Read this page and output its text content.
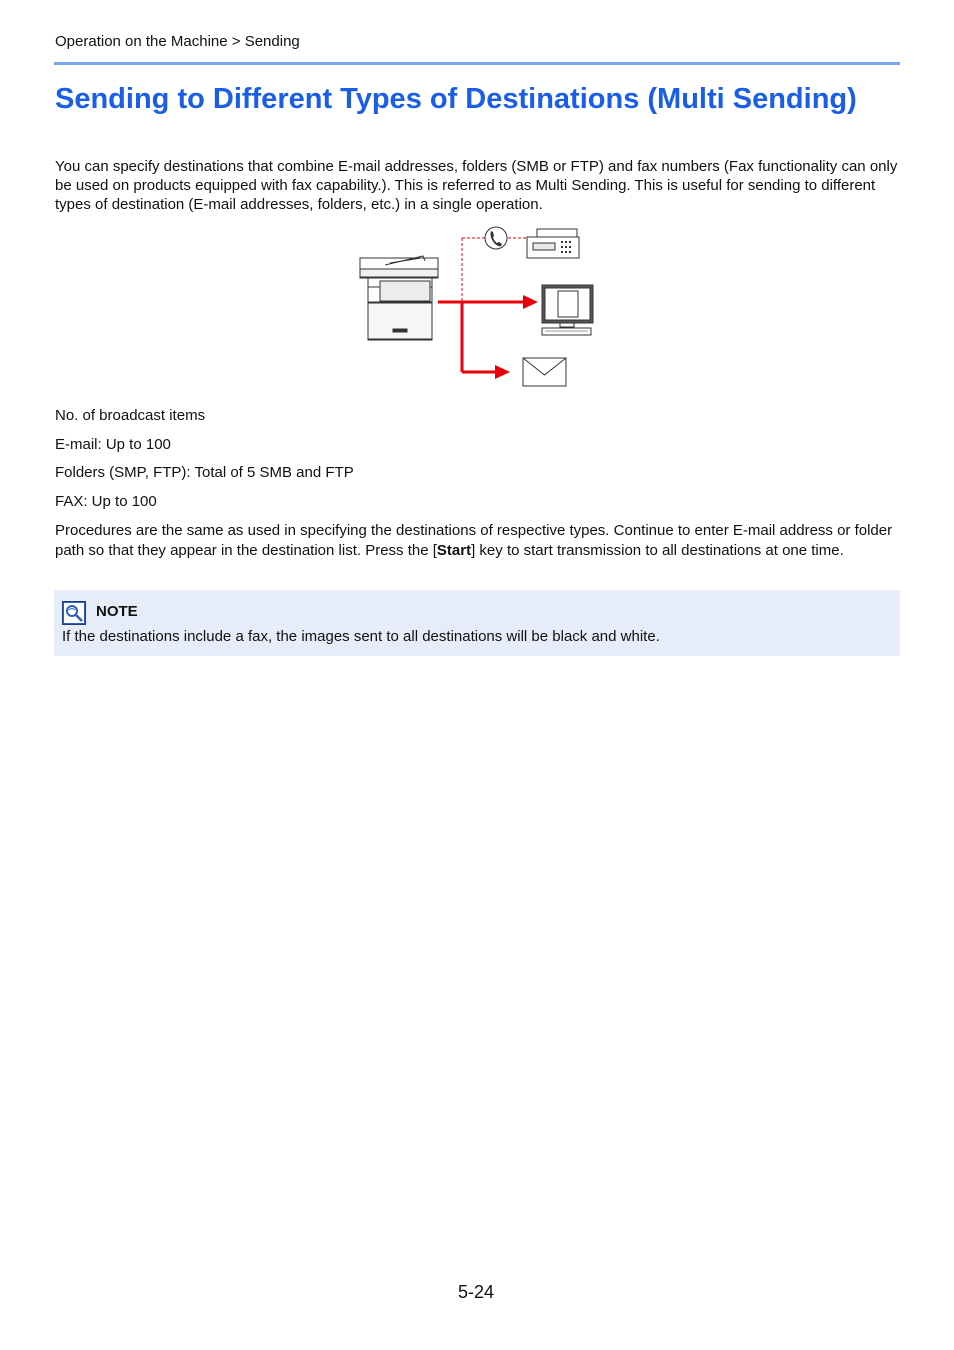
Operation on the Machine > Sending
Sending to Different Types of Destinations (Multi Sending)

You can specify destinations that combine E-mail addresses, folders (SMB or FTP) and fax numbers (Fax functionality can only be used on products equipped with fax capability.). This is referred to as Multi Sending. This is useful for sending to different types of destination (E-mail addresses, folders, etc.) in a single operation.

No. of broadcast items

E-mail: Up to 100

Folders (SMP, FTP): Total of 5 SMB and FTP

FAX: Up to 100

Procedures are the same as used in specifying the destinations of respective types. Continue to enter E-mail address or folder path so that they appear in the destination list. Press the [Start] key to start transmission to all destinations at one time.

NOTE
If the destinations include a fax, the images sent to all destinations will be black and white.
5-24
